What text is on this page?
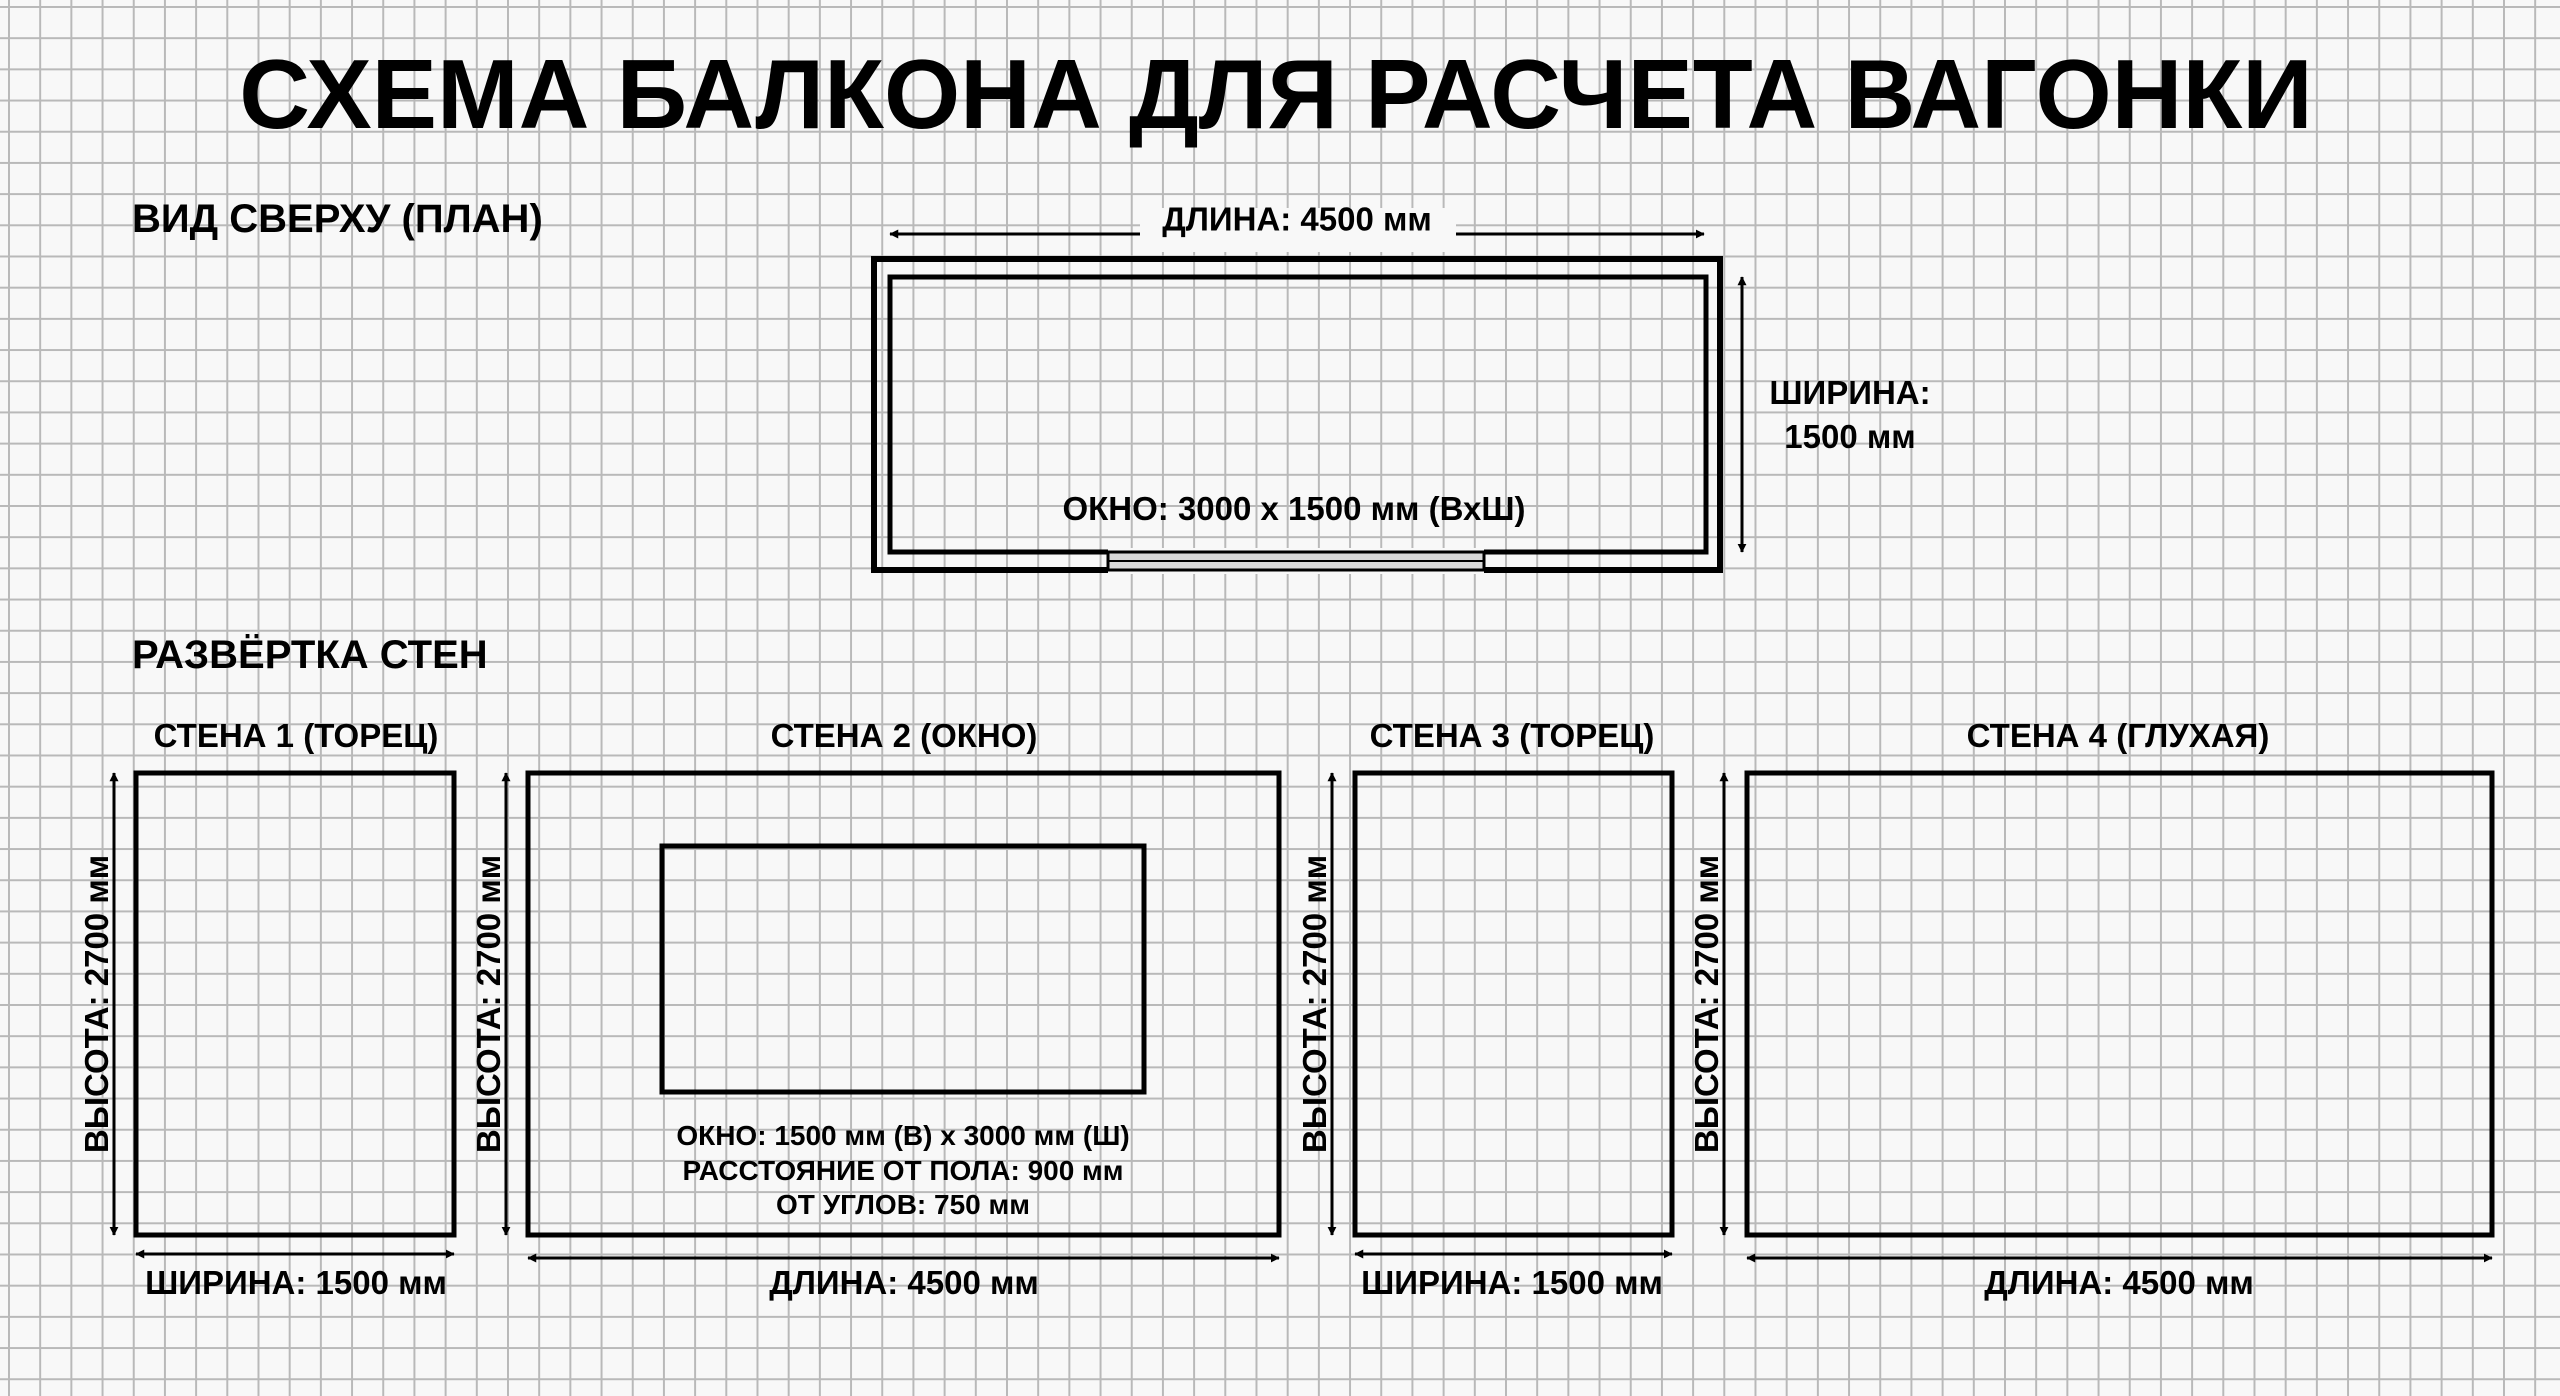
СХЕМА БАЛКОНА ДЛЯ РАСЧЕТА ВАГОНКИ
ВИД СВЕРХУ (ПЛАН)	ДЛИНА: 4500 мм
ОКНО: 3000 х 1500 мм (ВхШ)
ШИРИНА:
1500 мм
РАЗВЁРТКА СТЕН
СТЕНА 1 (ТОРЕЦ)
ВЫСОТА: 2700 мм
ШИРИНА: 1500 мм
СТЕНА 2 (ОКНО)
ОКНО: 1500 мм (В) х 3000 мм (Ш)
РАССТОЯНИЕ ОТ ПОЛА: 900 мм
ОТ УГЛОВ: 750 мм
ВЫСОТА: 2700 мм
ДЛИНА: 4500 мм
СТЕНА 3 (ТОРЕЦ)
ВЫСОТА: 2700 мм
ШИРИНА: 1500 мм
СТЕНА 4 (ГЛУХАЯ)
ВЫСОТА: 2700 мм
ДЛИНА: 4500 мм
